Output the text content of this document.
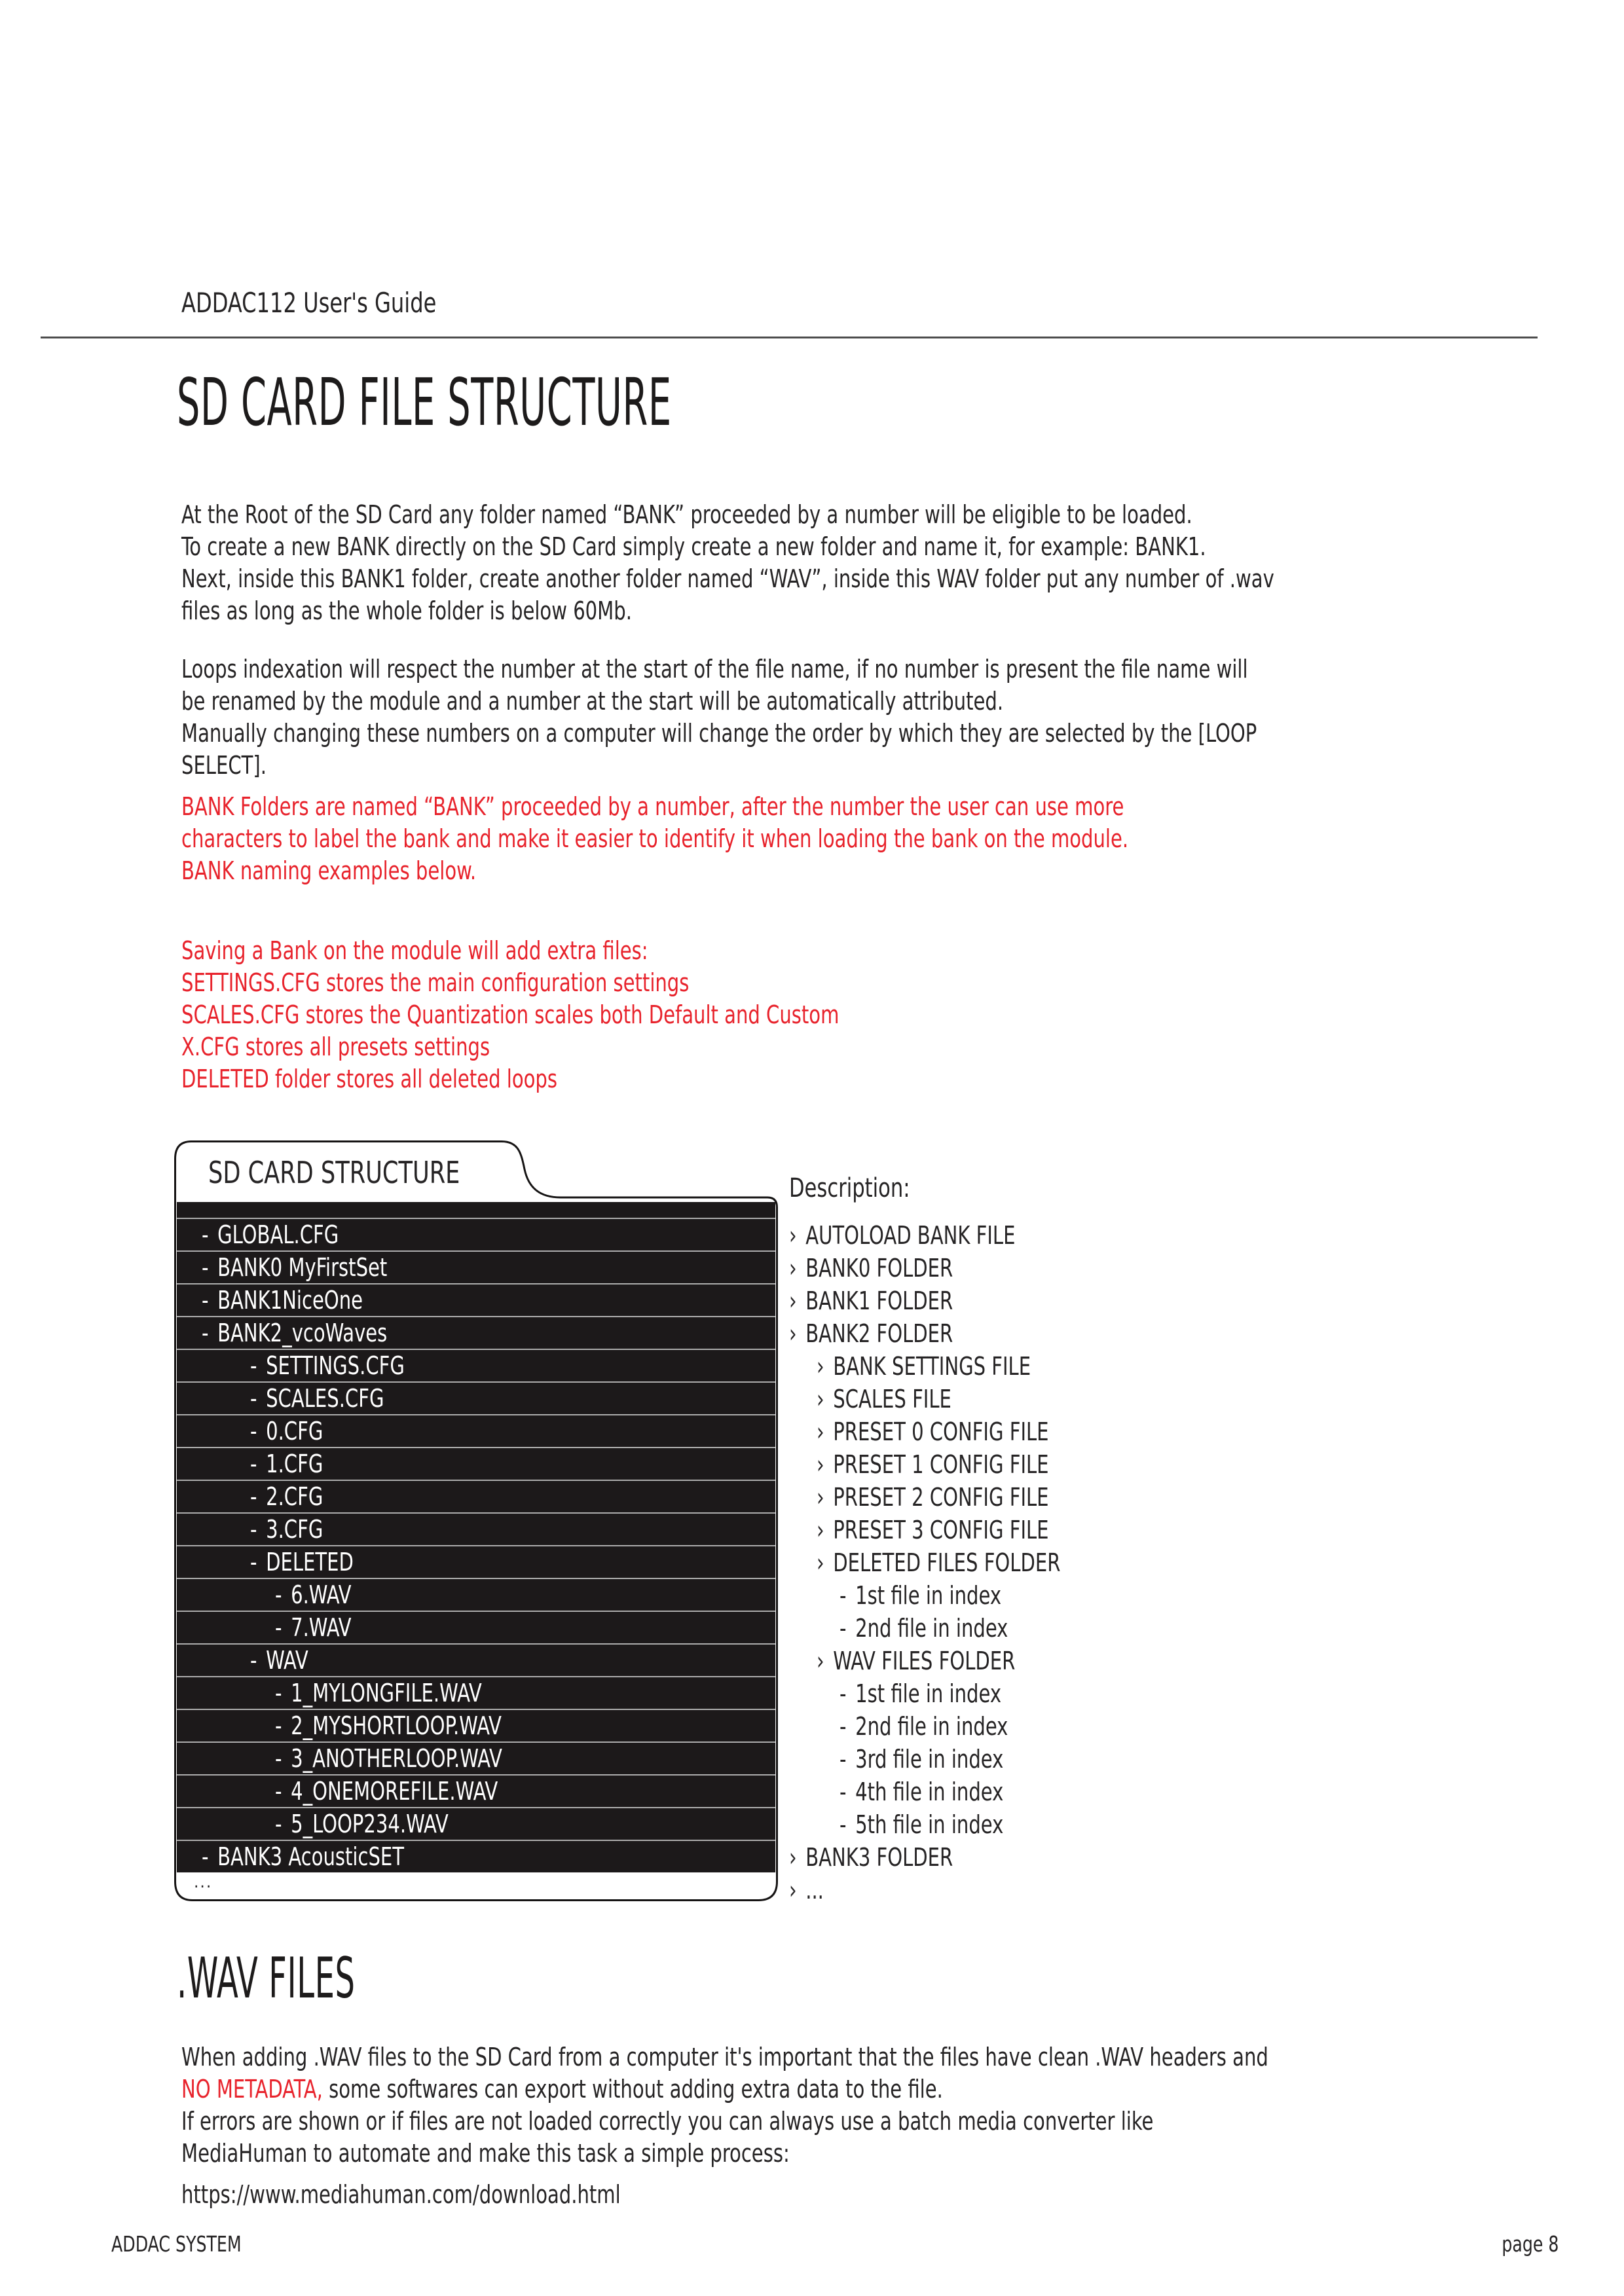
ADDAC112 User's Guide
SD CARD FILE STRUCTURE
At the Root of the SD Card any folder named “BANK” proceeded by a number will be eligible to be loaded.
To create a new BANK directly on the SD Card simply create a new folder and name it, for example: BANK1.
Next, inside this BANK1 folder, create another folder named “WAV”, inside this WAV folder put any number of .wav
files as long as the whole folder is below 60Mb.
Loops indexation will respect the number at the start of the file name, if no number is present the file name will
be renamed by the module and a number at the start will be automatically attributed.
Manually changing these numbers on a computer will change the order by which they are selected by the [LOOP
SELECT].
BANK Folders are named “BANK” proceeded by a number, after the number the user can use more
characters to label the bank and make it easier to identify it when loading the bank on the module.
BANK naming examples below.
Saving a Bank on the module will add extra files:
SETTINGS.CFG stores the main configuration settings
SCALES.CFG stores the Quantization scales both Default and Custom
X.CFG stores all presets settings
DELETED folder stores all deleted loops
SD CARD STRUCTURE
- GLOBAL.CFG
- BANK0 MyFirstSet
- BANK1NiceOne
- BANK2_vcoWaves
- SETTINGS.CFG
- SCALES.CFG
- 0.CFG
- 1.CFG
- 2.CFG
- 3.CFG
- DELETED
- 6.WAV
- 7.WAV
- WAV
- 1_MYLONGFILE.WAV
- 2_MYSHORTLOOP.WAV
- 3_ANOTHERLOOP.WAV
- 4_ONEMOREFILE.WAV
- 5_LOOP234.WAV
- BANK3 AcousticSET
...
Description:
› AUTOLOAD BANK FILE
› BANK0 FOLDER
› BANK1 FOLDER
› BANK2 FOLDER
› BANK SETTINGS FILE
› SCALES FILE
› PRESET 0 CONFIG FILE
› PRESET 1 CONFIG FILE
› PRESET 2 CONFIG FILE
› PRESET 3 CONFIG FILE
› DELETED FILES FOLDER
- 1st file in index
- 2nd file in index
› WAV FILES FOLDER
- 1st file in index
- 2nd file in index
- 3rd file in index
- 4th file in index
- 5th file in index
› BANK3 FOLDER
› ...
.WAV FILES
When adding .WAV files to the SD Card from a computer it's important that the files have clean .WAV headers and
NO METADATA, some softwares can export without adding extra data to the file.
If errors are shown or if files are not loaded correctly you can always use a batch media converter like
MediaHuman to automate and make this task a simple process:
https://www.mediahuman.com/download.html
ADDAC SYSTEM	page 8
